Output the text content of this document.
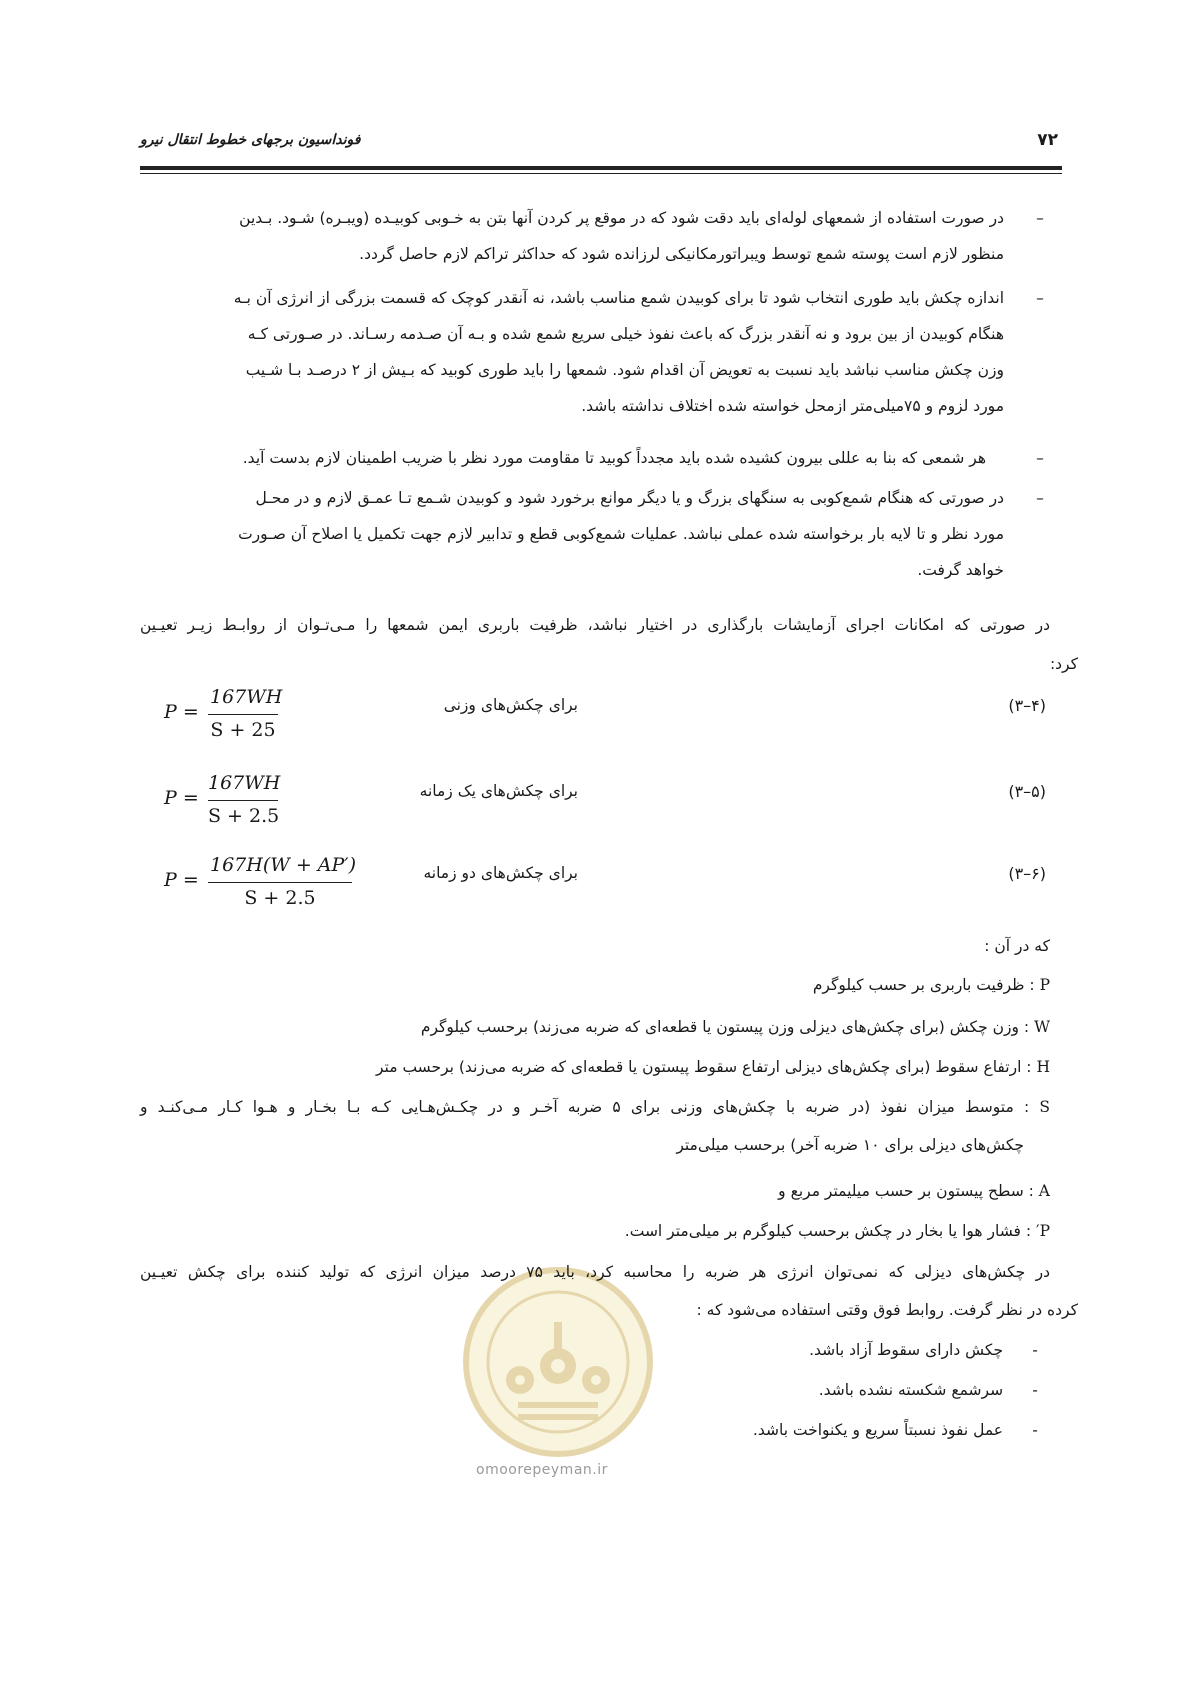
فونداسیون برجهای خطوط انتقال نیرو	۷۲
–
در صورت استفاده از شمعهای لوله‌ای باید دقت شود که در موقع پر کردن آنها بتن به خـوبی کوبیـده (ویبـره) شـود. بـدین
منظور لازم است پوسته شمع توسط ویبراتورمکانیکی لرزانده شود که حداکثر تراکم لازم حاصل گردد.
–
اندازه چکش باید طوری انتخاب شود تا برای کوبیدن شمع مناسب باشد، نه آنقدر کوچک که قسمت بزرگی از انرژی آن بـه
هنگام کوبیدن از بین برود و نه آنقدر بزرگ که باعث نفوذ خیلی سریع شمع شده و بـه آن صـدمه رسـاند. در صـورتی کـه
وزن چکش مناسب نباشد باید نسبت به تعویض آن اقدام شود. شمعها را باید طوری کوبید که بـیش از ۲ درصـد بـا شـیب
مورد لزوم و ۷۵میلی‌متر ازمحل خواسته شده اختلاف نداشته باشد.
–
هر شمعی که بنا به عللی بیرون کشیده شده باید مجدداً کوبید تا مقاومت مورد نظر با ضریب اطمینان لازم بدست آید.
–
در صورتی که هنگام شمع‌کوبی به سنگهای بزرگ و یا دیگر موانع برخورد شود و کوبیدن شـمع تـا عمـق لازم و در محـل
مورد نظر و تا لایه بار برخواسته شده عملی نباشد. عملیات شمع‌کوبی قطع و تدابیر لازم جهت تکمیل یا اصلاح آن صـورت
خواهد گرفت.
در صورتی که امکانات اجرای آزمایشات بارگذاری در اختیار نباشد، ظرفیت باربری ایمن شمعها را مـی‌تـوان از روابـط زیـر تعیـین
کرد:
(۴–۳)
برای چکش‌های وزنی
P =
167WH
S + 25
(۵–۳)
برای چکش‌های یک زمانه
P =
167WH
S + 2.5
(۶–۳)
برای چکش‌های دو زمانه
P =
167H(W + AP′)
S + 2.5
که در آن :
P : ظرفیت باربری بر حسب کیلوگرم
W : وزن چکش (برای چکش‌های دیزلی وزن پیستون یا قطعه‌ای که ضربه می‌زند) برحسب کیلوگرم
H : ارتفاع سقوط (برای چکش‌های دیزلی ارتفاع سقوط پیستون یا قطعه‌ای که ضربه می‌زند) برحسب متر
S : متوسط میزان نفوذ (در ضربه با چکش‌های وزنی برای ۵ ضربه آخـر و در چکـش‌هـایی کـه بـا بخـار و هـوا کـار مـی‌کنـد و
چکش‌های دیزلی برای ۱۰ ضربه آخر) برحسب میلی‌متر
A : سطح پیستون بر حسب میلیمتر مربع و
P′ : فشار هوا یا بخار در چکش برحسب کیلوگرم بر میلی‌متر است.
در چکش‌های دیزلی که نمی‌توان انرژی هر ضربه را محاسبه کرد، باید ۷۵ درصد میزان انرژی که تولید کننده برای چکش تعیـین
کرده در نظر گرفت. روابط فوق وقتی استفاده می‌شود که :
- چکش دارای سقوط آزاد باشد.
- سرشمع شکسته نشده باشد.
- عمل نفوذ نسبتاً سریع و یکنواخت باشد.
omoorepeyman.ir
